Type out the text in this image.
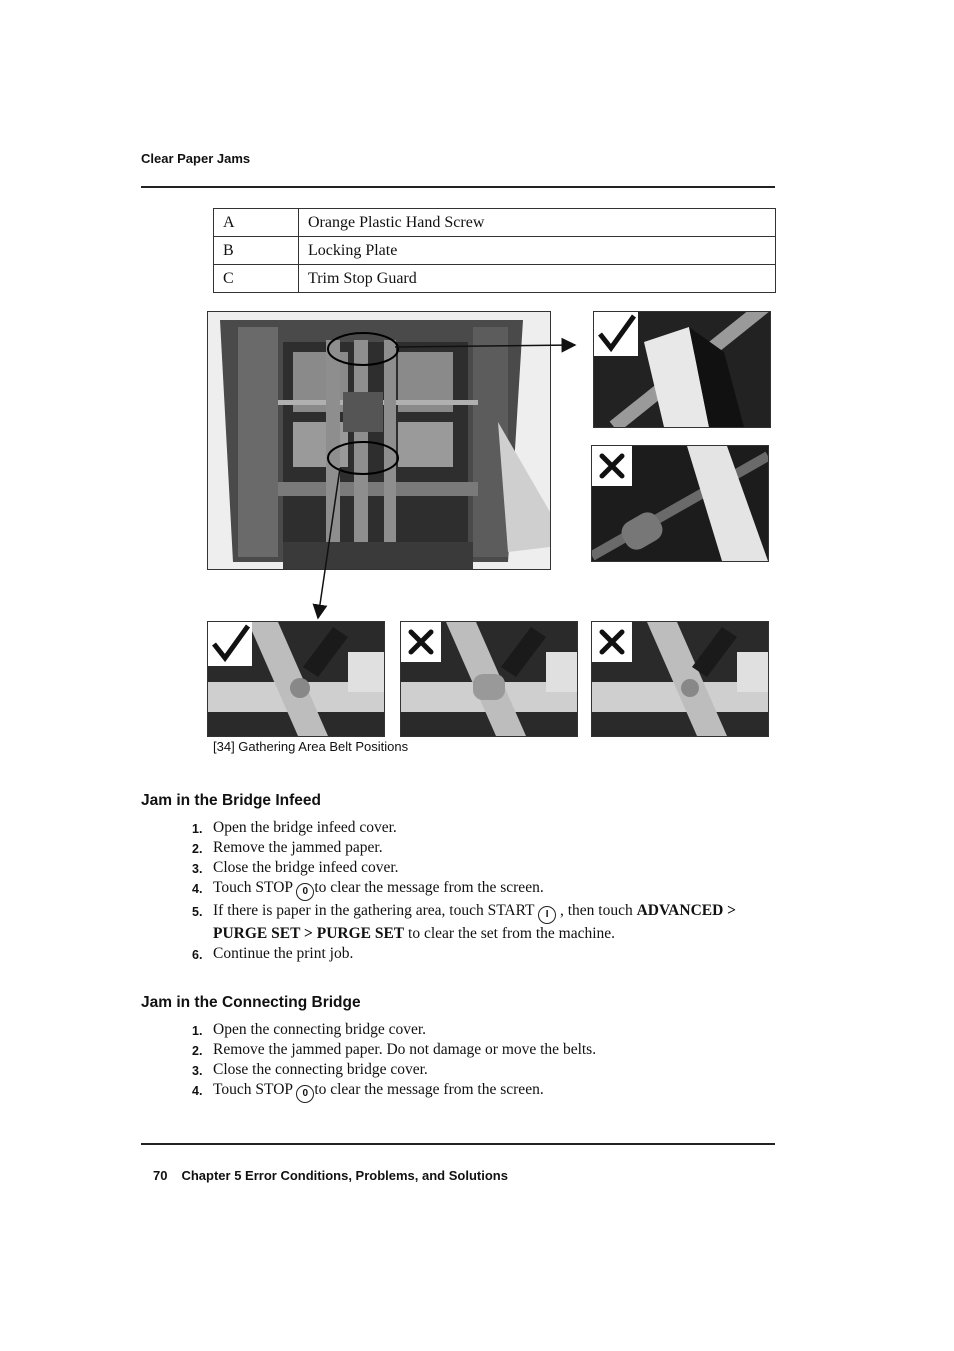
Clear Paper Jams
A	Orange Plastic Hand Screw
B	Locking Plate
C	Trim Stop Guard
[34] Gathering Area Belt Positions
Jam in the Bridge Infeed
1. Open the bridge infeed cover.
2. Remove the jammed paper.
3. Close the bridge infeed cover.
4. Touch STOP 0 to clear the message from the screen.
5. If there is paper in the gathering area, touch START I , then touch ADVANCED > PURGE SET > PURGE SET to clear the set from the machine.
6. Continue the print job.
Jam in the Connecting Bridge
1. Open the connecting bridge cover.
2. Remove the jammed paper. Do not damage or move the belts.
3. Close the connecting bridge cover.
4. Touch STOP 0 to clear the message from the screen.
70 Chapter 5 Error Conditions, Problems, and Solutions
